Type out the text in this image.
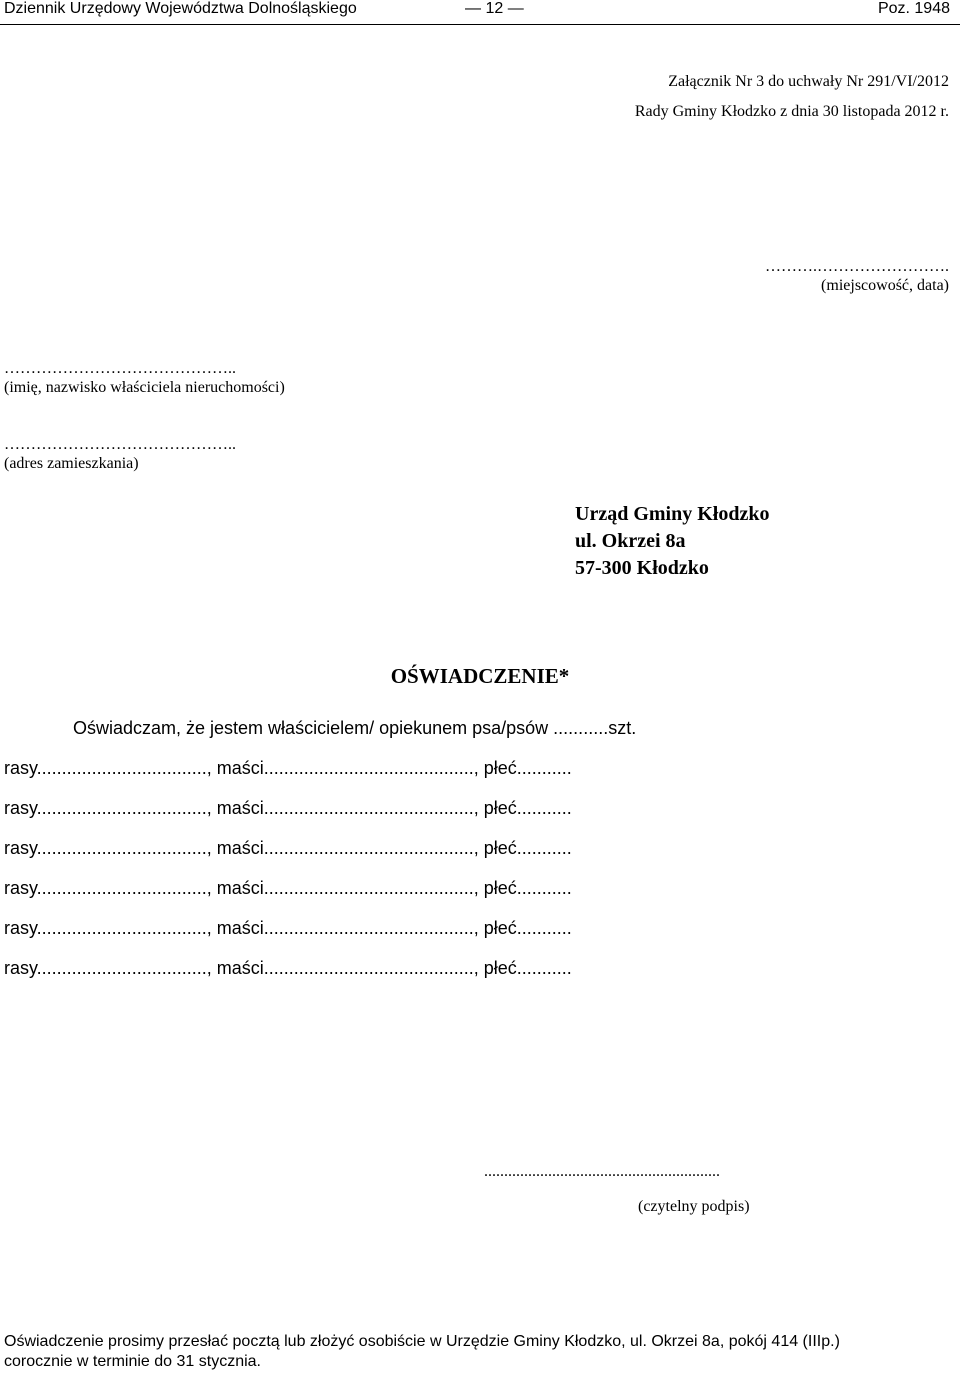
Dziennik Urzędowy Województwa Dolnośląskiego	— 12 —	Poz. 1948
Załącznik Nr 3 do uchwały Nr 291/VI/2012
Rady Gminy Kłodzko z dnia 30 listopada 2012 r.
……….…………………….
(miejscowość, data)
……………………………………..
(imię, nazwisko właściciela nieruchomości)
……………………………………..
(adres zamieszkania)
Urząd Gminy Kłodzko
ul. Okrzei 8a
57-300 Kłodzko
OŚWIADCZENIE*
Oświadczam, że jestem właścicielem/ opiekunem psa/psów ...........szt.
rasy.................................., maści.........................................., płeć...........
rasy.................................., maści.........................................., płeć...........
rasy.................................., maści.........................................., płeć...........
rasy.................................., maści.........................................., płeć...........
rasy.................................., maści.........................................., płeć...........
rasy.................................., maści.........................................., płeć...........
...........................................................
(czytelny podpis)
Oświadczenie prosimy przesłać pocztą lub złożyć osobiście w Urzędzie Gminy Kłodzko, ul. Okrzei 8a, pokój 414 (IIIp.)
corocznie w terminie do 31 stycznia.
